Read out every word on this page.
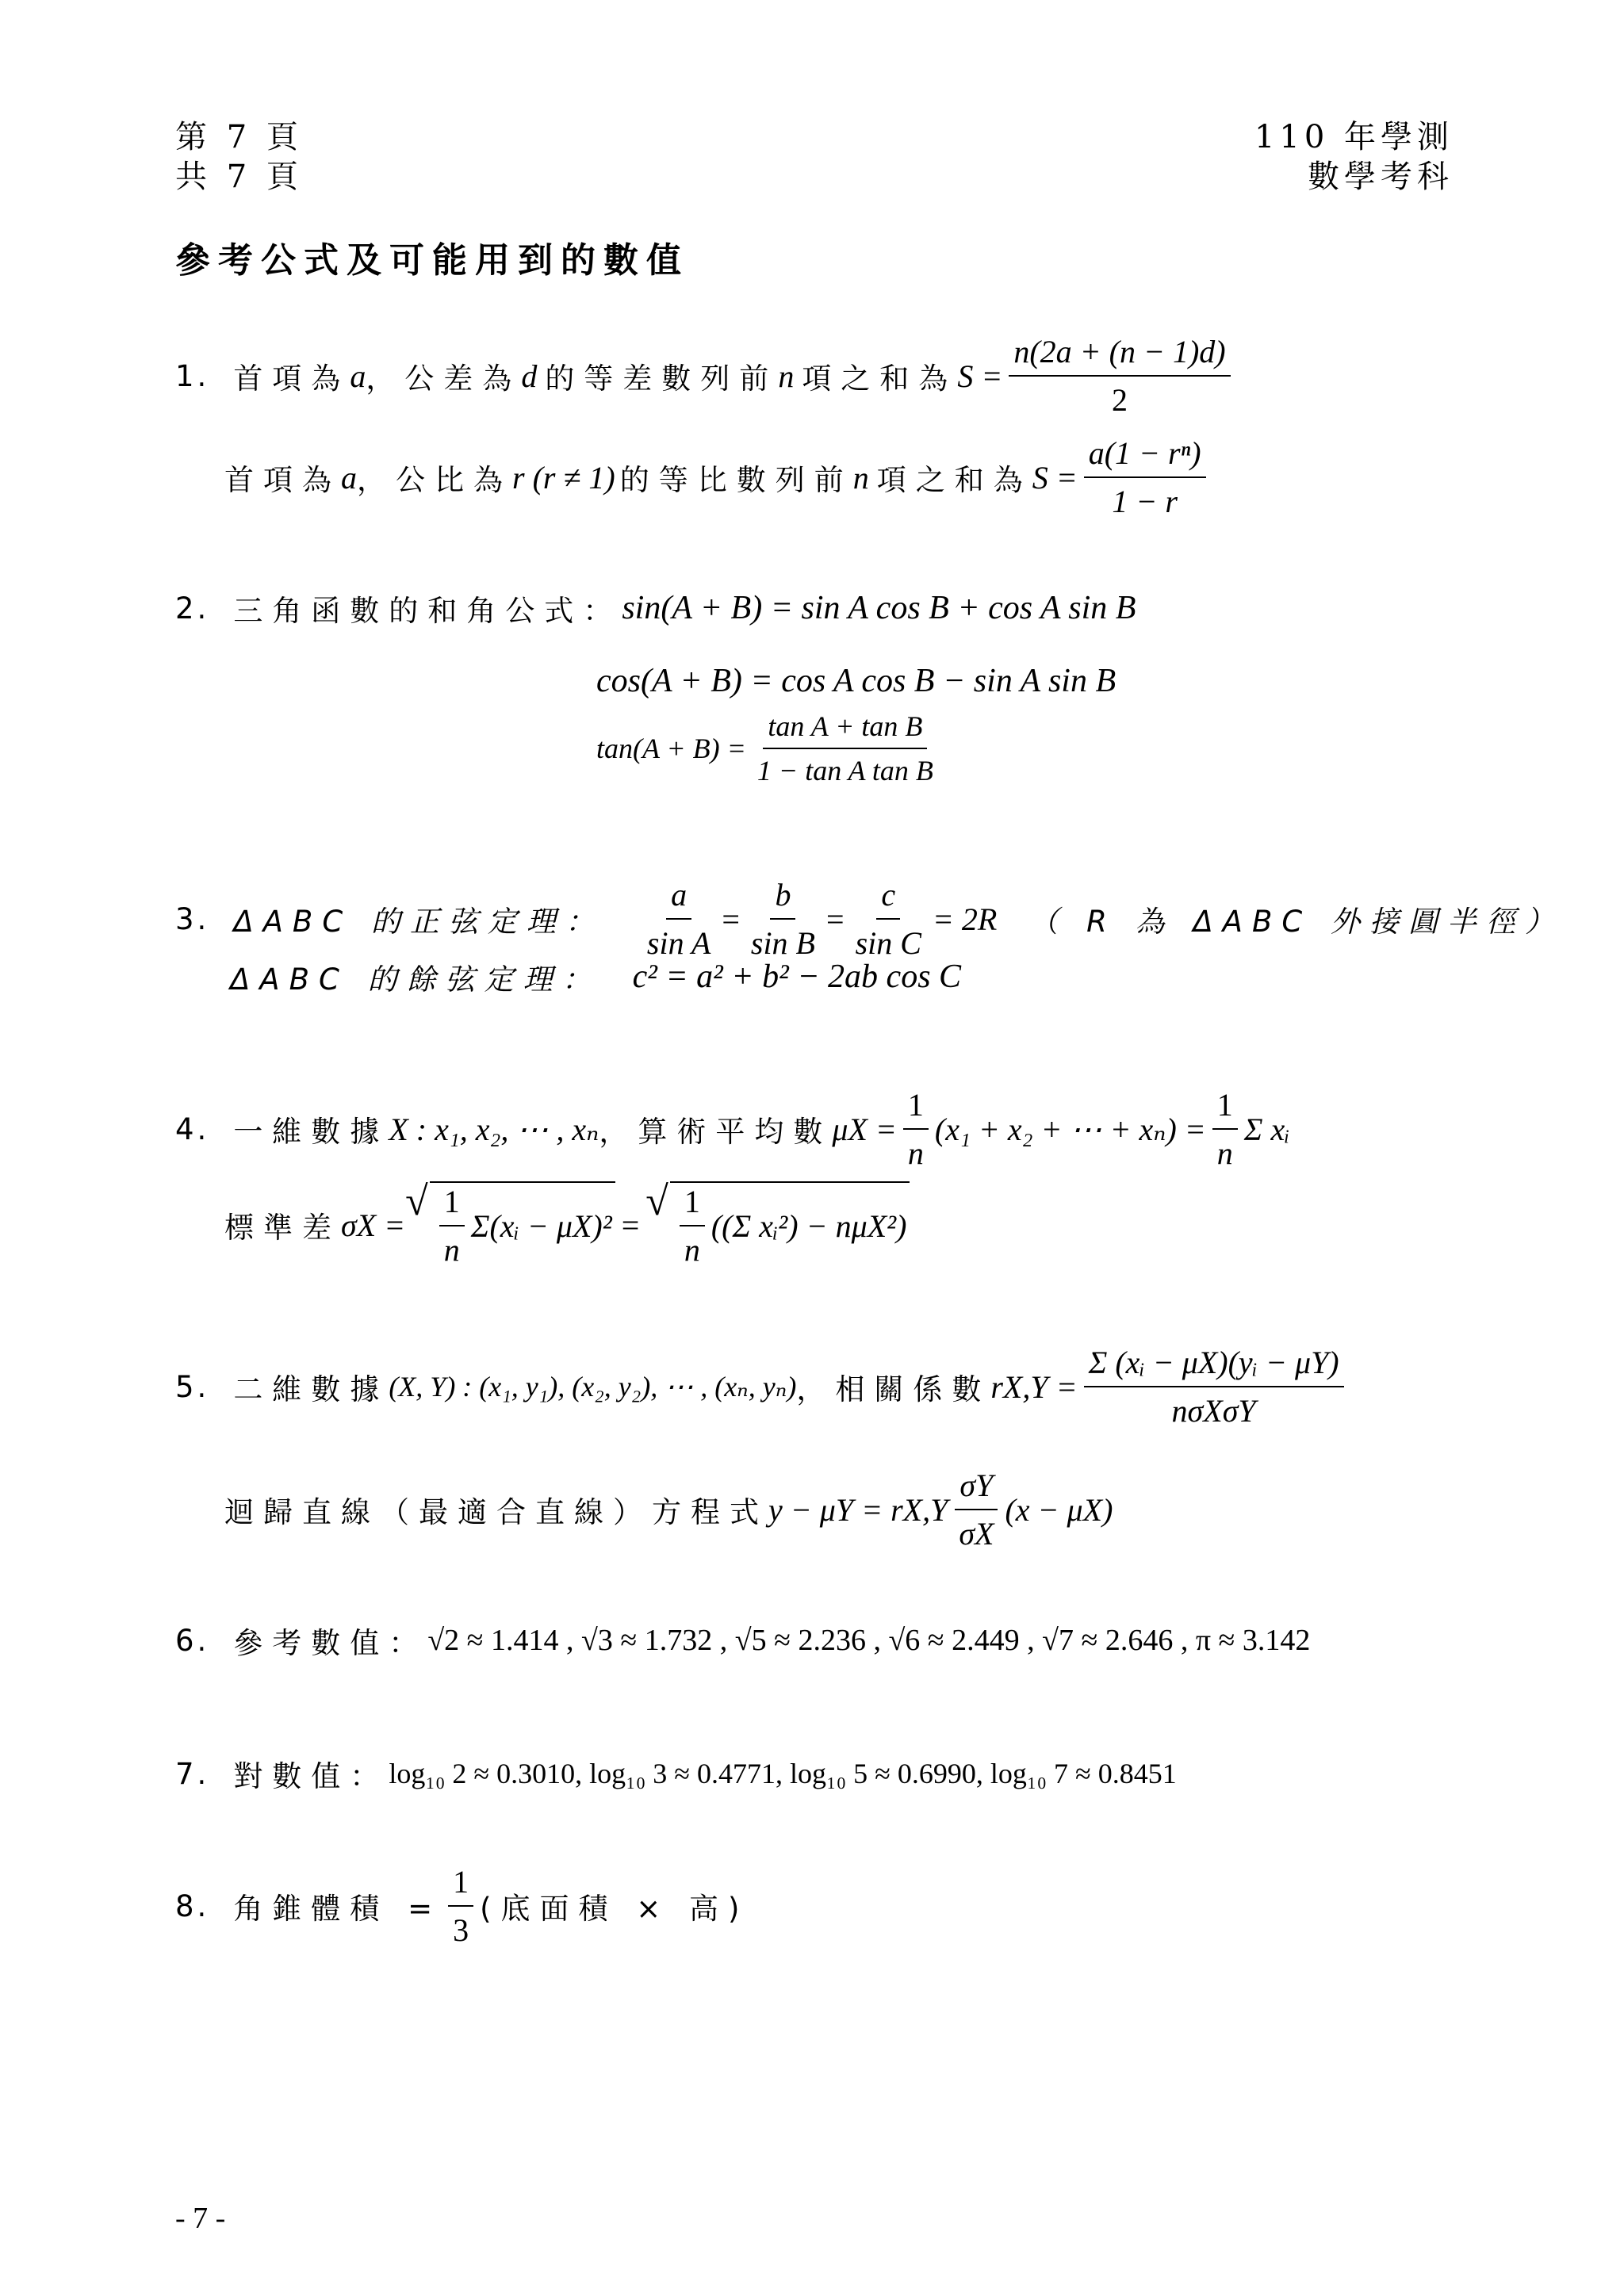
第 7 頁
共 7 頁
110 年學測
數學考科
參考公式及可能用到的數值
1. 首項為 a ，公差為 d 的等差數列前 n 項之和為 $S = \frac{n(2a + (n - 1)d)}{2}$
首項為 a ，公比為 r (r ≠ 1) 的等比數列前 n 項之和為 $S = \frac{\text{a(1 − rⁿ)}}{1 - r}$
2. 三角函數的和角公式： sin(A + B) = sin A cos B + cos A sin B
cos(A + B) = cos A cos B − sin A sin B
$\tan(A + B) = \frac{\text{tan A + tan B}}{\text{1 − tan A tan B}}$
3. ΔABC 的正弦定理： $\frac{a}{\text{sin A}} = \frac{b}{\text{sin B}} = \frac{c}{\text{sin C}} = 2R$ （ R 為 ΔABC 外接圓半徑）
ΔABC 的餘弦定理： c² = a² + b² − 2ab cos C
4. 一維數據 X : x₁, x₂, ⋯ , xₙ ，算術平均數 $\mu X = \frac{1}{n} (x_1 + x_2$ + ⋯ + $x_n) = \frac{1}{n}$ Σ xᵢ
標準差 σX =
√ $\frac{1}{n}$ Σ(xᵢ − μX)² =
√ $\frac{1}{n} ((\Sigma$ xᵢ²) − nμX²)
5. 二維數據 (X, Y) : (x₁, y₁), (x₂, y₂), ⋯ , (xₙ, yₙ) ，相關係數 $rX,Y = \frac{\text{Σ (xᵢ − μX)(yᵢ − μY)}}{\text{nσXσY}}$
迴歸直線（最適合直線）方程式 $y - \mu Y = rX,Y \frac{\sigma Y}{\sigma X} (x - \mu X)$
6. 參考數值： √2 ≈ 1.414 , √3 ≈ 1.732 , √5 ≈ 2.236 , √6 ≈ 2.449 , √7 ≈ 2.646 , π ≈ 3.142
7. 對數值： log₁₀ 2 ≈ 0.3010, log₁₀ 3 ≈ 0.4771, log₁₀ 5 ≈ 0.6990, log₁₀ 7 ≈ 0.8451
8. 角錐體積 = $\frac{1}{3}$ (底面積 × 高)
- 7 -
